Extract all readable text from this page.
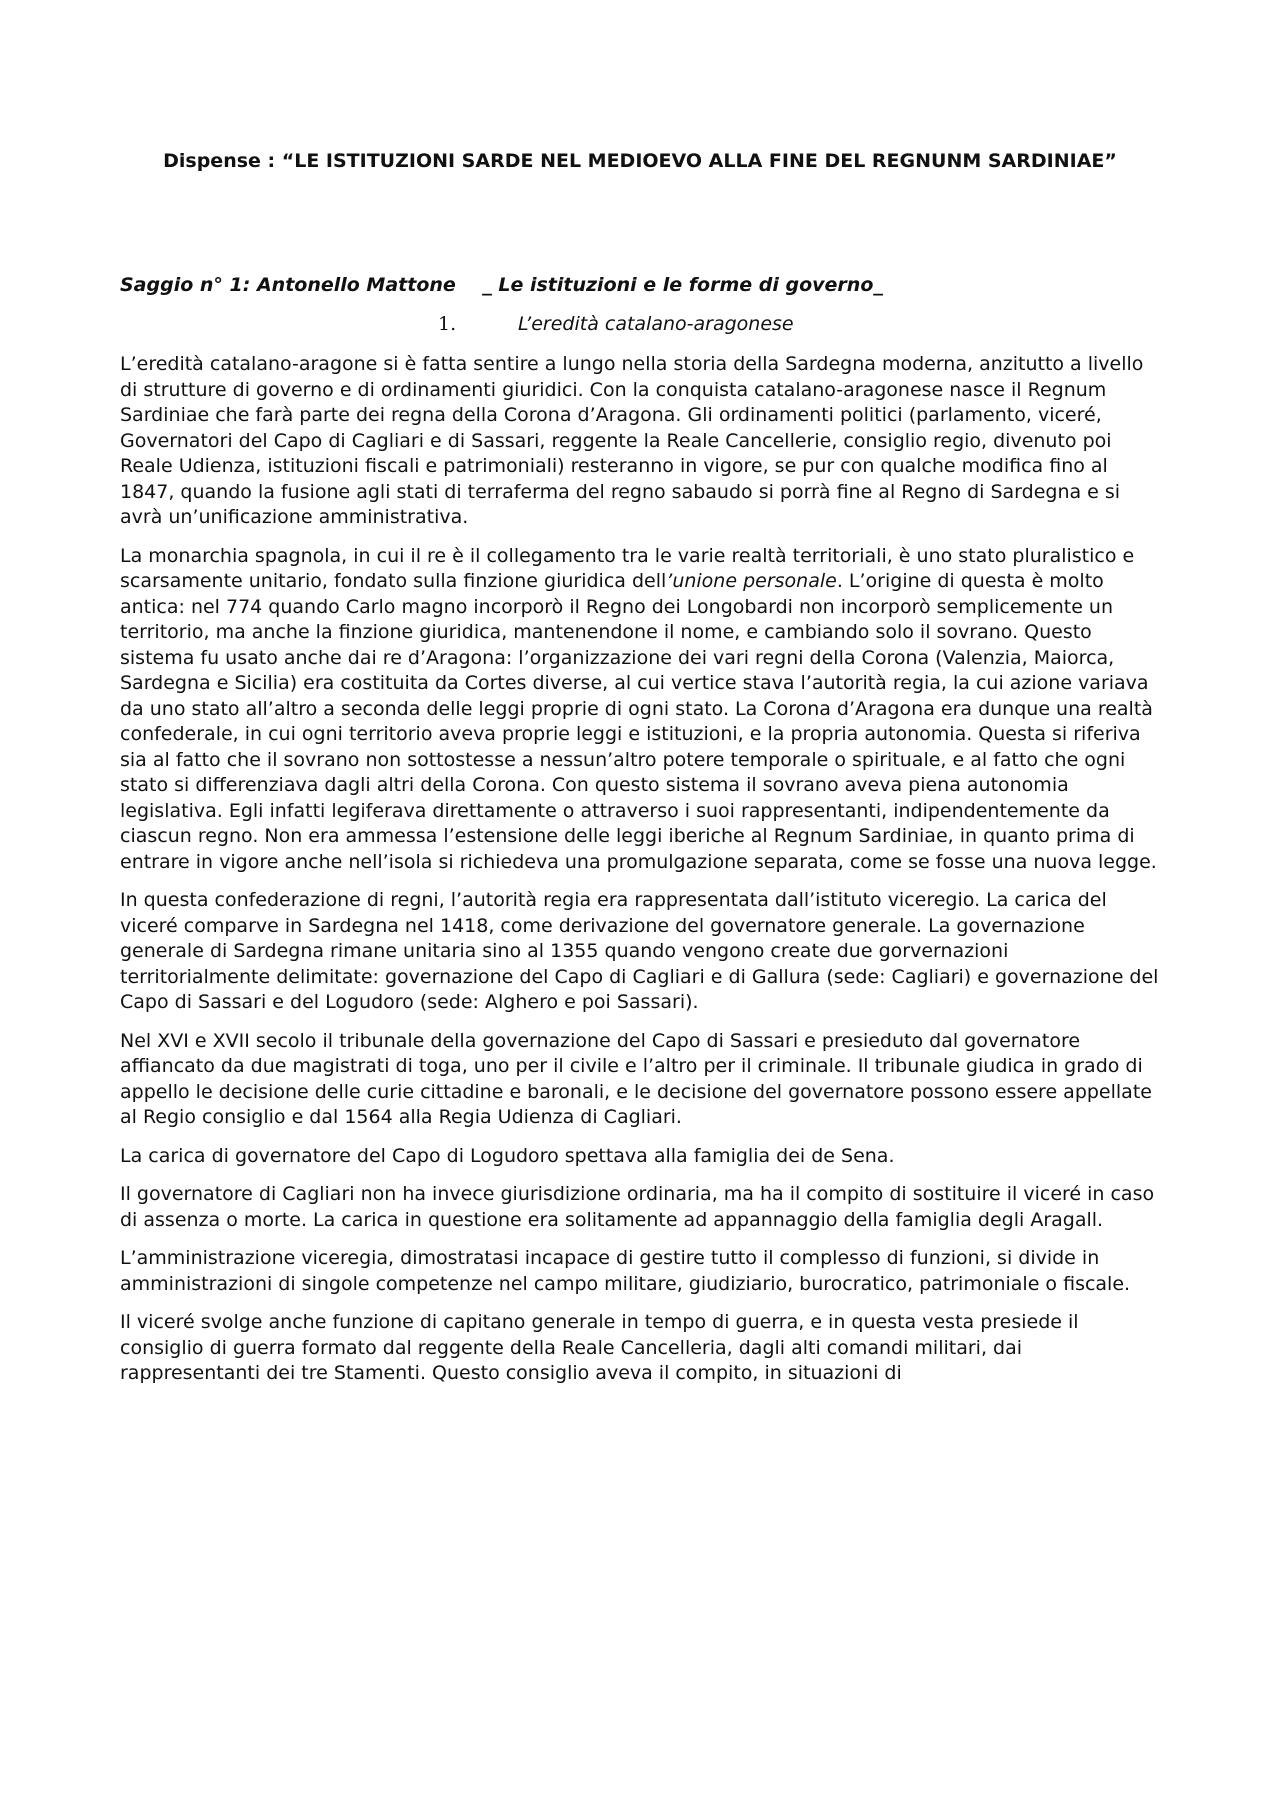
Dispense : “LE ISTITUZIONI SARDE NEL MEDIOEVO ALLA FINE DEL REGNUNM SARDINIAE”
Saggio n° 1: Antonello Mattone    _ Le istituzioni e le forme di governo_
1.	L’eredità catalano-aragonese

L’eredità catalano-aragone si è fatta sentire a lungo nella storia della Sardegna moderna, anzitutto a livello di strutture di governo e di ordinamenti giuridici. Con la conquista catalano-aragonese nasce il Regnum Sardiniae che farà parte dei regna della Corona d’Aragona. Gli ordinamenti politici (parlamento, viceré, Governatori del Capo di Cagliari e di Sassari, reggente la Reale Cancellerie, consiglio regio, divenuto poi Reale Udienza, istituzioni fiscali e patrimoniali) resteranno in vigore, se pur con qualche modifica fino al 1847, quando la fusione agli stati di terraferma del regno sabaudo si porrà fine al Regno di Sardegna e si avrà un’unificazione amministrativa.

La monarchia spagnola, in cui il re è il collegamento tra le varie realtà territoriali, è uno stato pluralistico e scarsamente unitario, fondato sulla finzione giuridica dell’unione personale. L’origine di questa è molto antica: nel 774 quando Carlo magno incorporò il Regno dei Longobardi non incorporò semplicemente un territorio, ma anche la finzione giuridica, mantenendone il nome, e cambiando solo il sovrano. Questo sistema fu usato anche dai re d’Aragona: l’organizzazione dei vari regni della Corona (Valenzia, Maiorca, Sardegna e Sicilia) era costituita da Cortes diverse, al cui vertice stava l’autorità regia, la cui azione variava da uno stato all’altro a seconda delle leggi proprie di ogni stato. La Corona d’Aragona era dunque una realtà confederale, in cui ogni territorio aveva proprie leggi e istituzioni, e la propria autonomia. Questa si riferiva sia al fatto che il sovrano non sottostesse a nessun’altro potere temporale o spirituale, e al fatto che ogni stato si differenziava dagli altri della Corona. Con questo sistema il sovrano aveva piena autonomia legislativa. Egli infatti legiferava direttamente o attraverso i suoi rappresentanti, indipendentemente da ciascun regno. Non era ammessa l’estensione delle leggi iberiche al Regnum Sardiniae, in quanto prima di entrare in vigore anche nell’isola si richiedeva una promulgazione separata, come se fosse una nuova legge.

In questa confederazione di regni, l’autorità regia era rappresentata dall’istituto viceregio. La carica del viceré comparve in Sardegna nel 1418, come derivazione del governatore generale. La governazione generale di Sardegna rimane unitaria sino al 1355 quando vengono create due gorvernazioni territorialmente delimitate: governazione del Capo di Cagliari e di Gallura (sede: Cagliari) e governazione del Capo di Sassari e del Logudoro (sede: Alghero e poi Sassari).

Nel XVI e XVII secolo il tribunale della governazione del Capo di Sassari e presieduto dal governatore affiancato da due magistrati di toga, uno per il civile e l’altro per il criminale. Il tribunale giudica in grado di appello le decisione delle curie cittadine e baronali, e le decisione del governatore possono essere appellate al Regio consiglio e dal 1564 alla Regia Udienza di Cagliari.

La carica di governatore del Capo di Logudoro spettava alla famiglia dei de Sena.

Il governatore di Cagliari non ha invece giurisdizione ordinaria, ma ha il compito di sostituire il viceré in caso di assenza o morte. La carica in questione era solitamente ad appannaggio della famiglia degli Aragall.

L’amministrazione viceregia, dimostratasi incapace di gestire tutto il complesso di funzioni, si divide in amministrazioni di singole competenze nel campo militare, giudiziario, burocratico, patrimoniale o fiscale.

Il viceré svolge anche funzione di capitano generale in tempo di guerra, e in questa vesta presiede il consiglio di guerra formato dal reggente della Reale Cancelleria, dagli alti comandi militari, dai rappresentanti dei tre Stamenti. Questo consiglio aveva il compito, in situazioni di
